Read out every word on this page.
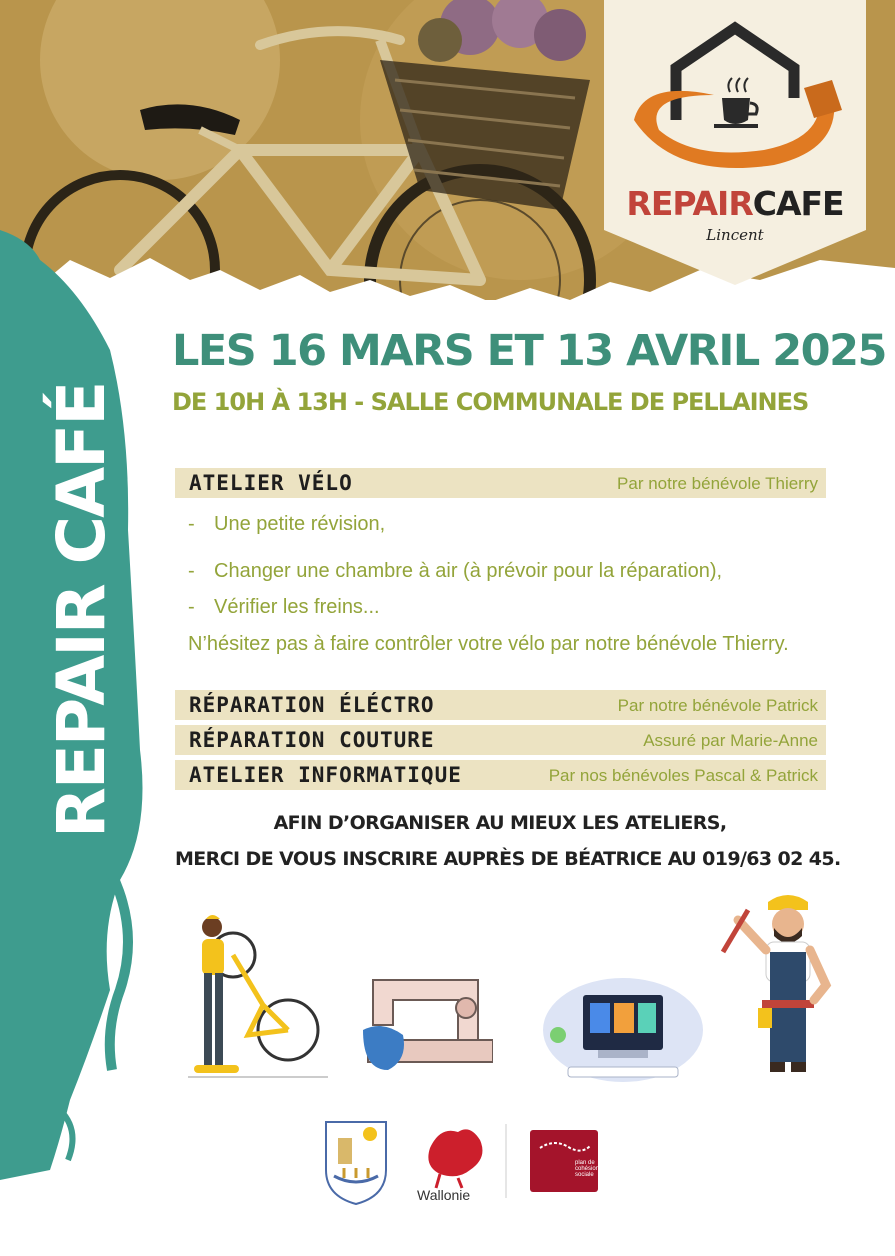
REPAIRCAFE
Lincent
REPAIR CAFÉ
LES 16 MARS ET 13 AVRIL 2025
DE 10H À 13H - SALLE COMMUNALE DE PELLAINES
ATELIER VÉLO	Par notre bénévole Thierry
- Une petite révision,
- Changer une chambre à air (à prévoir pour la réparation),
- Vérifier les freins...
N’hésitez pas à faire contrôler votre vélo par notre bénévole Thierry.
RÉPARATION ÉLÉCTRO	Par notre bénévole Patrick
RÉPARATION COUTURE	Assuré par Marie-Anne
ATELIER INFORMATIQUE	Par nos bénévoles Pascal & Patrick
AFIN D’ORGANISER AU MIEUX LES ATELIERS,
MERCI DE VOUS INSCRIRE AUPRÈS DE BÉATRICE AU 019/63 02 45.
Wallonie
plan de cohésion sociale
